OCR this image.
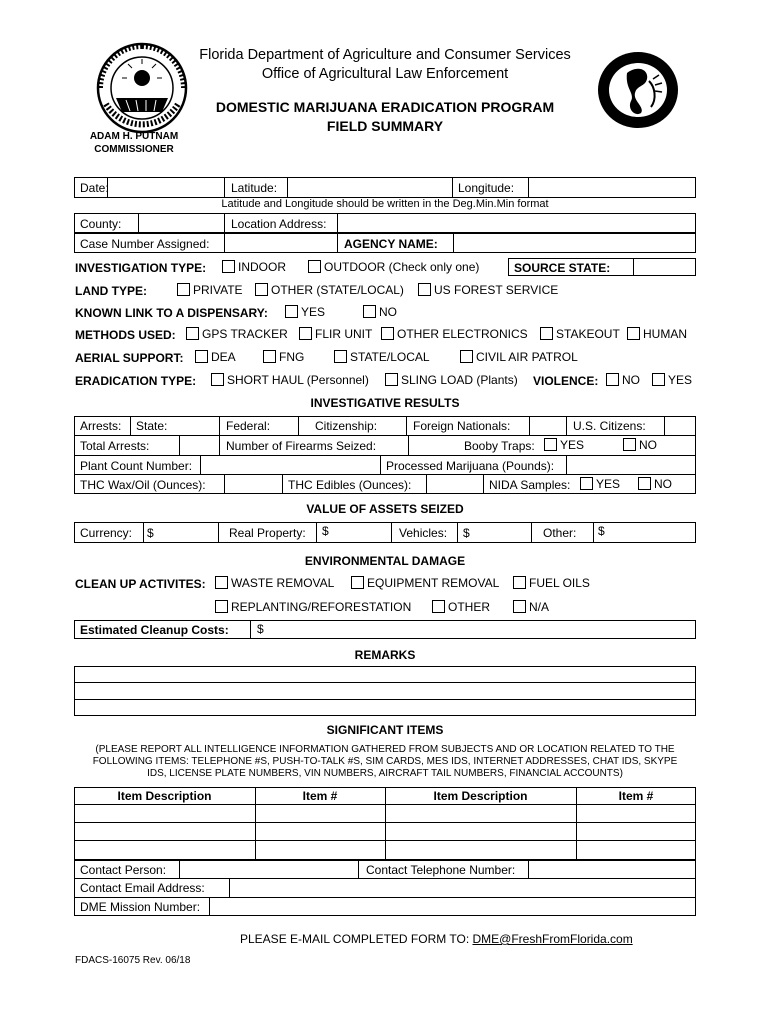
Florida Department of Agriculture and Consumer Services
Office of Agricultural Law Enforcement
DOMESTIC MARIJUANA ERADICATION PROGRAM
FIELD SUMMARY
ADAM H. PUTNAM
COMMISSIONER
Date:	Latitude:	Longitude:
Latitude and Longitude should be written in the Deg.Min.Min format
County:	Location Address:
Case Number Assigned:	AGENCY NAME:
INVESTIGATION TYPE:	INDOOR	OUTDOOR (Check only one)	SOURCE STATE:
LAND TYPE:	PRIVATE	OTHER (STATE/LOCAL)	US FOREST SERVICE
KNOWN LINK TO A DISPENSARY:	YES	NO
METHODS USED:	GPS TRACKER	FLIR UNIT	OTHER ELECTRONICS	STAKEOUT	HUMAN
AERIAL SUPPORT:	DEA	FNG	STATE/LOCAL	CIVIL AIR PATROL
ERADICATION TYPE:	SHORT HAUL (Personnel)	SLING LOAD (Plants) VIOLENCE:	NO	YES
INVESTIGATIVE RESULTS
Arrests: State:	Federal:	Citizenship:	Foreign Nationals:	U.S. Citizens:
Total Arrests:	Number of Firearms Seized:	Booby Traps:	YES	NO
Plant Count Number:	Processed Marijuana (Pounds):
THC Wax/Oil (Ounces):	THC Edibles (Ounces):	NIDA Samples:	YES	NO
VALUE OF ASSETS SEIZED
Currency: $	Real Property: $	Vehicles: $	Other: $
ENVIRONMENTAL DAMAGE
CLEAN UP ACTIVITES:	WASTE REMOVAL	EQUIPMENT REMOVAL	FUEL OILS
REPLANTING/REFORESTATION	OTHER	N/A
Estimated Cleanup Costs: $
REMARKS
SIGNIFICANT ITEMS
(PLEASE REPORT ALL INTELLIGENCE INFORMATION GATHERED FROM SUBJECTS AND OR LOCATION RELATED TO THE
FOLLOWING ITEMS: TELEPHONE #S, PUSH-TO-TALK #S, SIM CARDS, MES IDS, INTERNET ADDRESSES, CHAT IDS, SKYPE
IDS, LICENSE PLATE NUMBERS, VIN NUMBERS, AIRCRAFT TAIL NUMBERS, FINANCIAL ACCOUNTS)
Item Description	Item #	Item Description	Item #
Contact Person:	Contact Telephone Number:
Contact Email Address:
DME Mission Number:
PLEASE E-MAIL COMPLETED FORM TO: DME@FreshFromFlorida.com
FDACS-16075 Rev. 06/18
